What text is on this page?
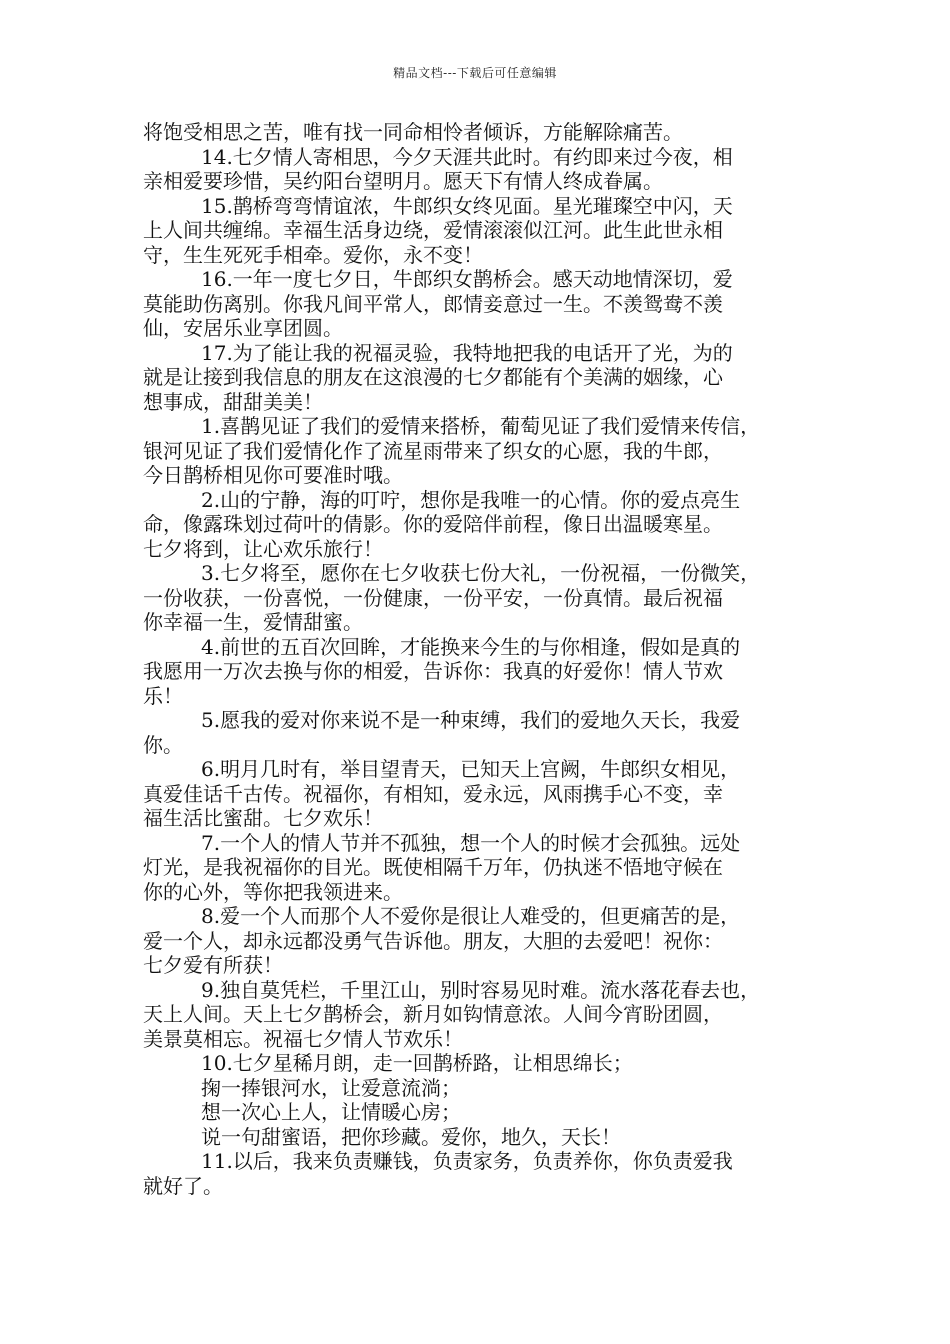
精品文档---下载后可任意编辑
将饱受相思之苦，唯有找一同命相怜者倾诉，方能解除痛苦。
14.七夕情人寄相思，今夕天涯共此时。有约即来过今夜，相
亲相爱要珍惜，吴约阳台望明月。愿天下有情人终成眷属。
15.鹊桥弯弯情谊浓，牛郎织女终见面。星光璀璨空中闪，天
上人间共缠绵。幸福生活身边绕，爱情滚滚似江河。此生此世永相
守，生生死死手相牵。爱你，永不变！
16.一年一度七夕日，牛郎织女鹊桥会。感天动地情深切，爱
莫能助伤离别。你我凡间平常人，郎情妾意过一生。不羡鸳鸯不羡
仙，安居乐业享团圆。
17.为了能让我的祝福灵验，我特地把我的电话开了光，为的
就是让接到我信息的朋友在这浪漫的七夕都能有个美满的姻缘，心
想事成，甜甜美美！
1.喜鹊见证了我们的爱情来搭桥，葡萄见证了我们爱情来传信，
银河见证了我们爱情化作了流星雨带来了织女的心愿，我的牛郎，
今日鹊桥相见你可要准时哦。
2.山的宁静，海的叮咛，想你是我唯一的心情。你的爱点亮生
命，像露珠划过荷叶的倩影。你的爱陪伴前程，像日出温暖寒星。
七夕将到，让心欢乐旅行！
3.七夕将至，愿你在七夕收获七份大礼，一份祝福，一份微笑，
一份收获，一份喜悦，一份健康，一份平安，一份真情。最后祝福
你幸福一生，爱情甜蜜。
4.前世的五百次回眸，才能换来今生的与你相逢，假如是真的
我愿用一万次去换与你的相爱，告诉你：我真的好爱你！情人节欢
乐！
5.愿我的爱对你来说不是一种束缚，我们的爱地久天长，我爱
你。
6.明月几时有，举目望青天，已知天上宫阙，牛郎织女相见，
真爱佳话千古传。祝福你，有相知，爱永远，风雨携手心不变，幸
福生活比蜜甜。七夕欢乐！
7.一个人的情人节并不孤独，想一个人的时候才会孤独。远处
灯光，是我祝福你的目光。既使相隔千万年，仍执迷不悟地守候在
你的心外，等你把我领进来。
8.爱一个人而那个人不爱你是很让人难受的，但更痛苦的是，
爱一个人，却永远都没勇气告诉他。朋友，大胆的去爱吧！祝你：
七夕爱有所获！
9.独自莫凭栏，千里江山，别时容易见时难。流水落花春去也，
天上人间。天上七夕鹊桥会，新月如钩情意浓。人间今宵盼团圆，
美景莫相忘。祝福七夕情人节欢乐！
10.七夕星稀月朗，走一回鹊桥路，让相思绵长；
掬一捧银河水，让爱意流淌；
想一次心上人，让情暖心房；
说一句甜蜜语，把你珍藏。爱你，地久，天长！
11.以后，我来负责赚钱，负责家务，负责养你，你负责爱我
就好了。
